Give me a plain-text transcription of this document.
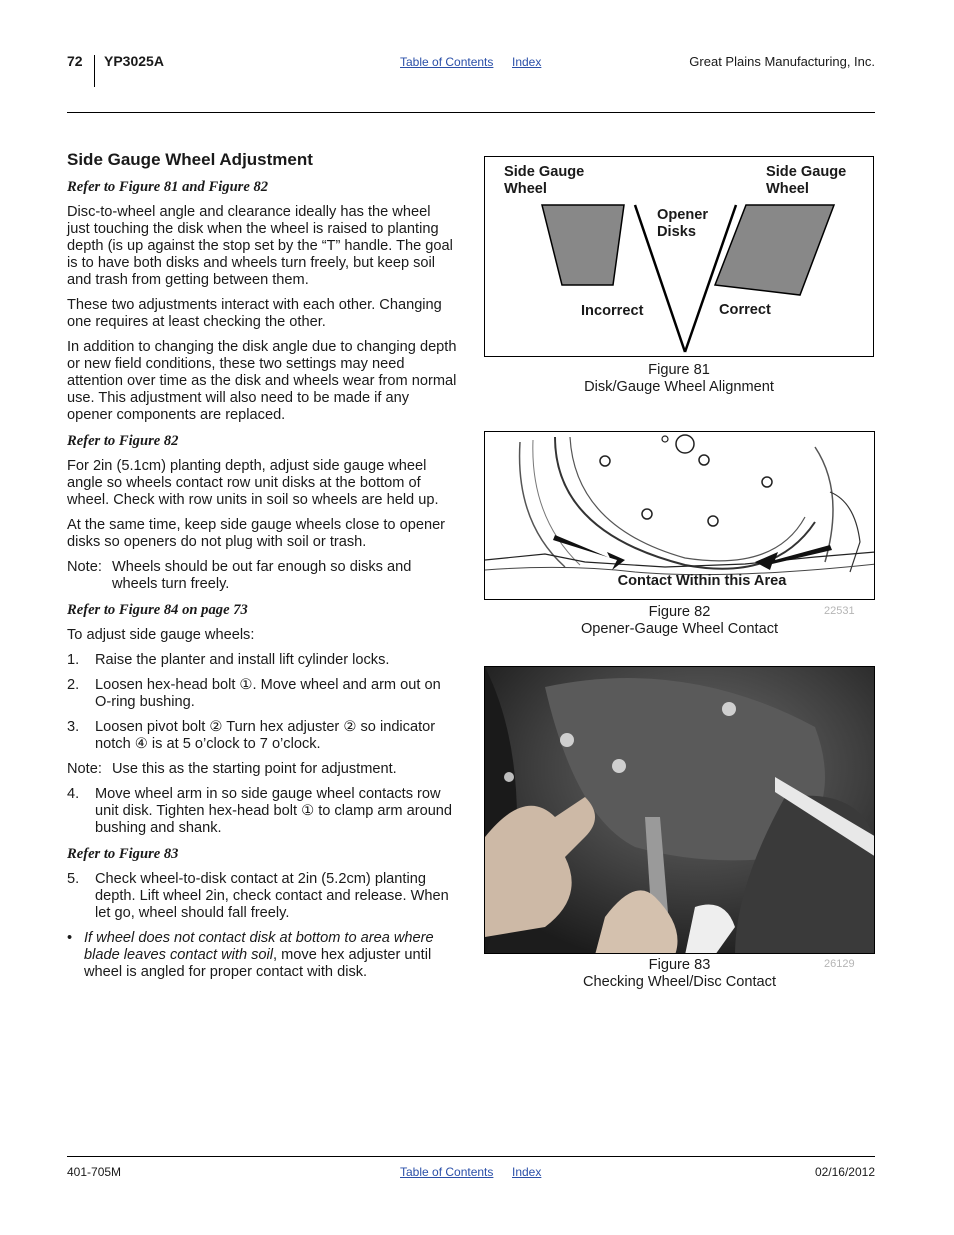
72 YP3025A	Table of Contents Index	Great Plains Manufacturing, Inc.
Side Gauge Wheel Adjustment

Refer to Figure 81 and Figure 82

Disc-to-wheel angle and clearance ideally has the wheel just touching the disk when the wheel is raised to planting depth (is up against the stop set by the “T” handle. The goal is to have both disks and wheels turn freely, but keep soil and trash from getting between them.

These two adjustments interact with each other. Changing one requires at least checking the other.

In addition to changing the disk angle due to changing depth or new field conditions, these two settings may need attention over time as the disk and wheels wear from normal use. This adjustment will also need to be made if any opener components are replaced.

Refer to Figure 82

For 2in (5.1cm) planting depth, adjust side gauge wheel angle so wheels contact row unit disks at the bottom of wheel. Check with row units in soil so wheels are held up.

At the same time, keep side gauge wheels close to opener disks so openers do not plug with soil or trash.

Note: Wheels should be out far enough so disks and wheels turn freely.

Refer to Figure 84 on page 73

To adjust side gauge wheels:

1. Raise the planter and install lift cylinder locks.
2. Loosen hex-head bolt ①. Move wheel and arm out on O-ring bushing.
3. Loosen pivot bolt ② Turn hex adjuster ② so indicator notch ④ is at 5 o’clock to 7 o’clock.
Note: Use this as the starting point for adjustment.
4. Move wheel arm in so side gauge wheel contacts row unit disk. Tighten hex-head bolt ① to clamp arm around bushing and shank.

Refer to Figure 83

5. Check wheel-to-disk contact at 2in (5.2cm) planting depth. Lift wheel 2in, check contact and release. When let go, wheel should fall freely.
• If wheel does not contact disk at bottom to area where blade leaves contact with soil, move hex adjuster until wheel is angled for proper contact with disk.
Side Gauge Wheel
Side Gauge Wheel
Opener Disks
Incorrect	Correct
Figure 81
Disk/Gauge Wheel Alignment
Contact Within this Area
22531
Figure 82
Opener-Gauge Wheel Contact
26129
Figure 83
Checking Wheel/Disc Contact
401-705M	Table of Contents Index	02/16/2012
